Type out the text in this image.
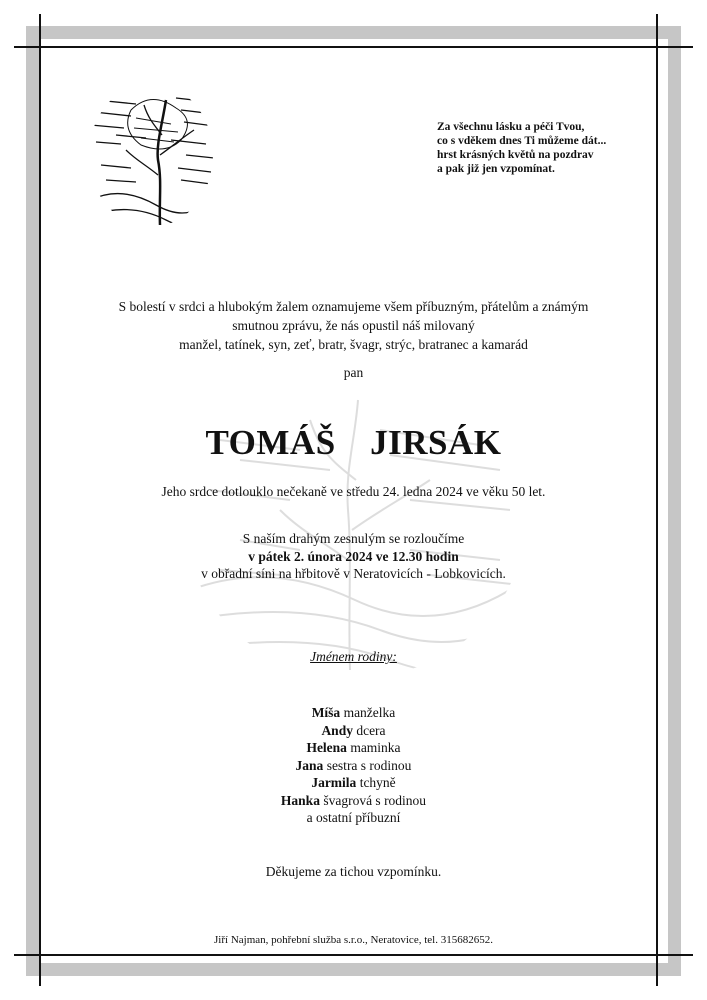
Za všechnu lásku a péči Tvou,
co s vděkem dnes Ti můžeme dát...
hrst krásných květů na pozdrav
a pak již jen vzpomínat.
S bolestí v srdci a hlubokým žalem oznamujeme všem příbuzným, přátelům a známým
smutnou zprávu, že nás opustil náš milovaný
manžel, tatínek, syn, zeť, bratr, švagr, strýc, bratranec a kamarád
pan
TOMÁŠ  JIRSÁK
Jeho srdce dotlouklo nečekaně ve středu 24. ledna 2024 ve věku 50 let.
S naším drahým zesnulým se rozloučíme
v pátek 2. února 2024 ve 12.30 hodin
v obřadní síni na hřbitově v Neratovicích - Lobkovicích.
Jménem rodiny:
Míša manželka
Andy dcera
Helena maminka
Jana sestra s rodinou
Jarmila tchyně
Hanka švagrová s rodinou
a ostatní příbuzní
Děkujeme za tichou vzpomínku.
Jiří Najman, pohřební služba s.r.o., Neratovice, tel. 315682652.
